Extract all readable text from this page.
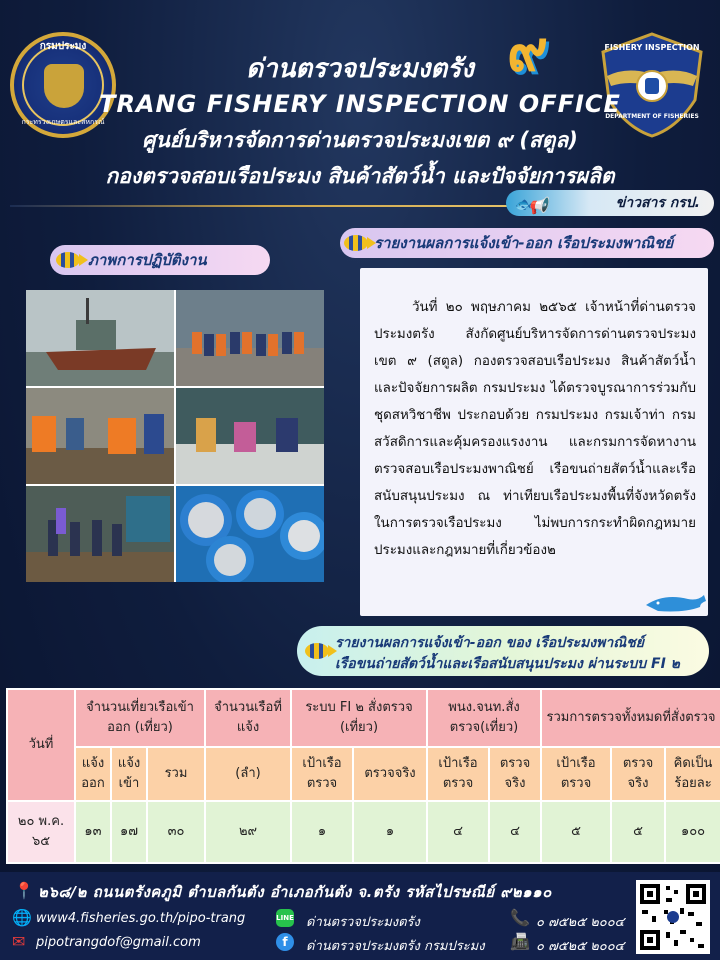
กรมประมง
กระทรวงเกษตรและสหกรณ์
๙	FISHERY INSPECTION
DEPARTMENT OF FISHERIES
ด่านตรวจประมงตรัง
TRANG FISHERY INSPECTION OFFICE
ศูนย์บริหารจัดการด่านตรวจประมงเขต ๙ (สตูล)
กองตรวจสอบเรือประมง สินค้าสัตว์น้ำ และปัจจัยการผลิต
🐟
📢	ข่าวสาร กรป.
ภาพการปฏิบัติงาน
รายงานผลการแจ้งเข้า-ออก เรือประมงพาณิชย์

วันที่ ๒๐ พฤษภาคม ๒๕๖๕ เจ้าหน้าที่ด่านตรวจประมงตรัง สังกัดศูนย์บริหารจัดการด่านตรวจประมง เขต ๙ (สตูล) กองตรวจสอบเรือประมง สินค้าสัตว์น้ำ และปัจจัยการผลิต กรมประมง ได้ตรวจบูรณาการร่วมกับชุดสหวิชาชีพ ประกอบด้วย กรมประมง กรมเจ้าท่า กรมสวัสดิการและคุ้มครองแรงงาน และกรมการจัดหางาน ตรวจสอบเรือประมงพาณิชย์ เรือขนถ่ายสัตว์น้ำและเรือสนับสนุนประมง ณ ท่าเทียบเรือประมงพื้นที่จังหวัดตรัง ในการตรวจเรือประมง ไม่พบการกระทำผิดกฎหมายประมงและกฎหมายที่เกี่ยวข้อง๒

รายงานผลการแจ้งเข้า-ออก ของ เรือประมงพาณิชย์
เรือขนถ่ายสัตว์น้ำและเรือสนับสนุนประมง ผ่านระบบ FI ๒
วันที่	จำนวนเที่ยวเรือเข้าออก (เที่ยว)			จำนวนเรือที่แจ้ง	ระบบ FI ๒ สั่งตรวจ (เที่ยว)		พนง.จนท.สั่งตรวจ(เที่ยว)		รวมการตรวจทั้งหมดที่สั่งตรวจ		
	แจ้งออก	แจ้งเข้า	รวม	(ลำ)	เป้าเรือตรวจ	ตรวจจริง	เป้าเรือตรวจ	ตรวจจริง	เป้าเรือตรวจ	ตรวจจริง	คิดเป็นร้อยละ
๒๐ พ.ค. ๖๕	๑๓	๑๗	๓๐	๒๙	๑	๑	๔	๔	๕	๕	๑๐๐
📍 ๒๖๘/๒ ถนนตรังคภูมิ ตำบลกันตัง อำเภอกันตัง จ.ตรัง รหัสไปรษณีย์ ๙๒๑๑๐
🌐 www4.fisheries.go.th/pipo-trang
✉ pipotrangdof@gmail.com
LINE ด่านตรวจประมงตรัง
f	ด่านตรวจประมงตรัง กรมประมง
📞 ๐ ๗๕๒๕ ๒๐๐๔
📠 ๐ ๗๕๒๕ ๒๐๐๔
